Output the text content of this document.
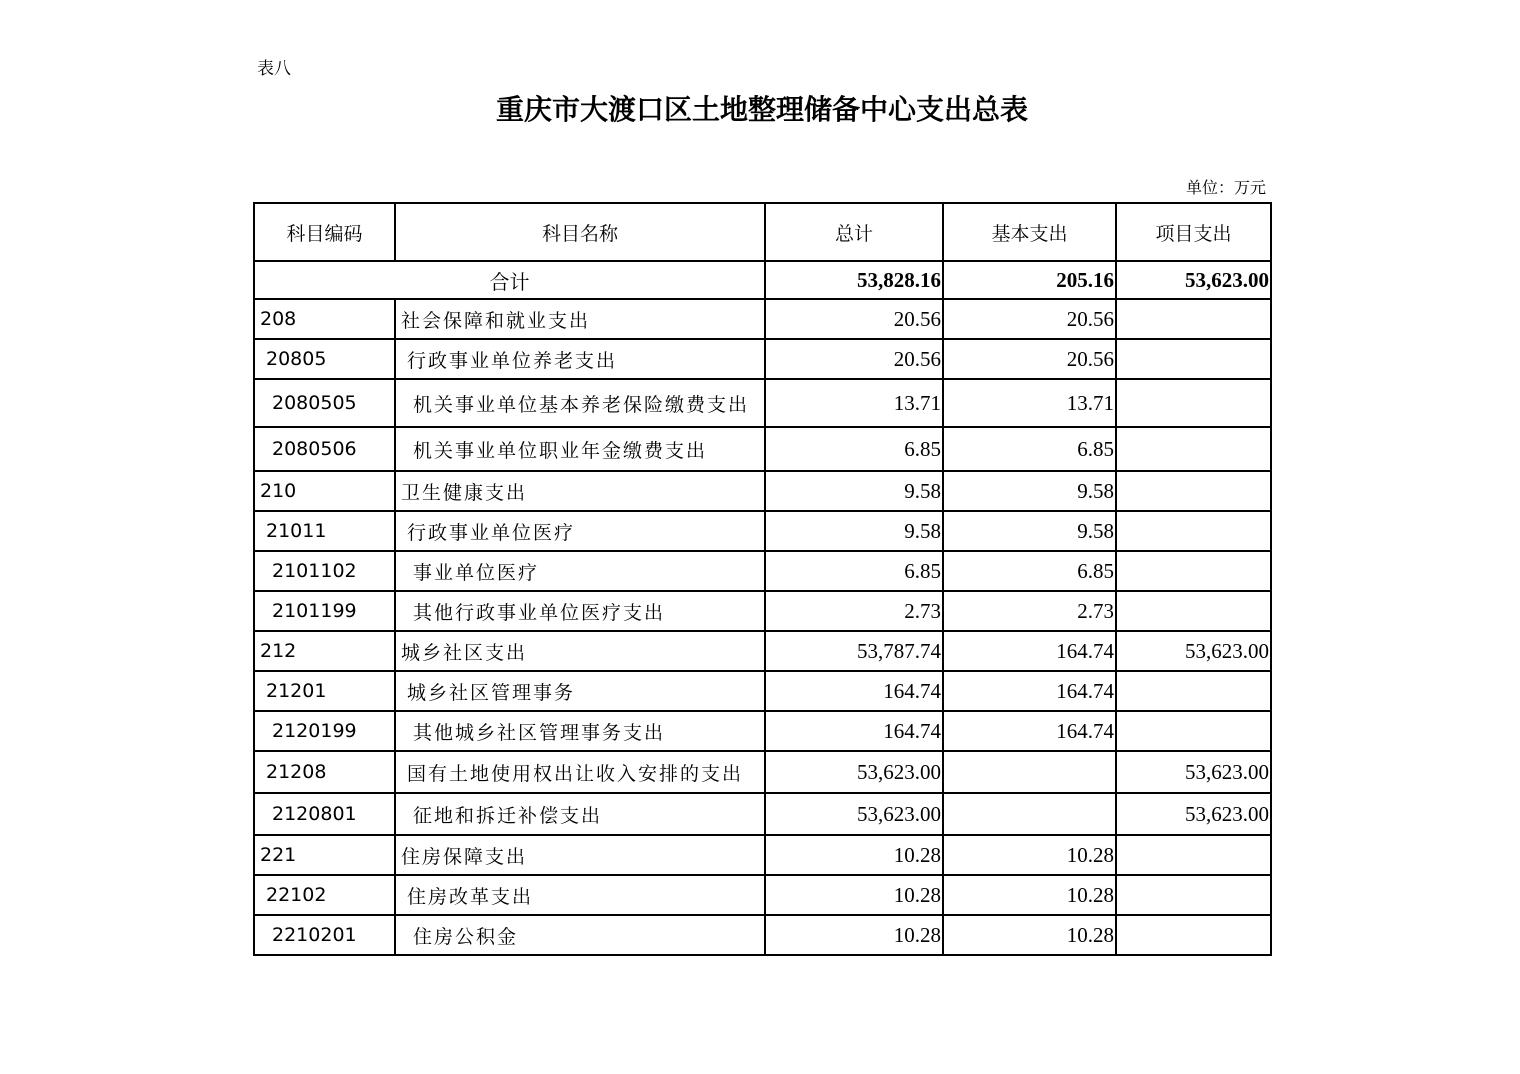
表八
重庆市大渡口区土地整理储备中心支出总表
单位：万元
科目编码	科目名称	总计	基本支出	项目支出
合计		53,828.16	205.16	53,623.00
208	社会保障和就业支出	20.56	20.56	
20805	行政事业单位养老支出	20.56	20.56	
2080505	机关事业单位基本养老保险缴费支出	13.71	13.71	
2080506	机关事业单位职业年金缴费支出	6.85	6.85	
210	卫生健康支出	9.58	9.58	
21011	行政事业单位医疗	9.58	9.58	
2101102	事业单位医疗	6.85	6.85	
2101199	其他行政事业单位医疗支出	2.73	2.73	
212	城乡社区支出	53,787.74	164.74	53,623.00
21201	城乡社区管理事务	164.74	164.74	
2120199	其他城乡社区管理事务支出	164.74	164.74	
21208	国有土地使用权出让收入安排的支出	53,623.00		53,623.00
2120801	征地和拆迁补偿支出	53,623.00		53,623.00
221	住房保障支出	10.28	10.28	
22102	住房改革支出	10.28	10.28	
2210201	住房公积金	10.28	10.28	
